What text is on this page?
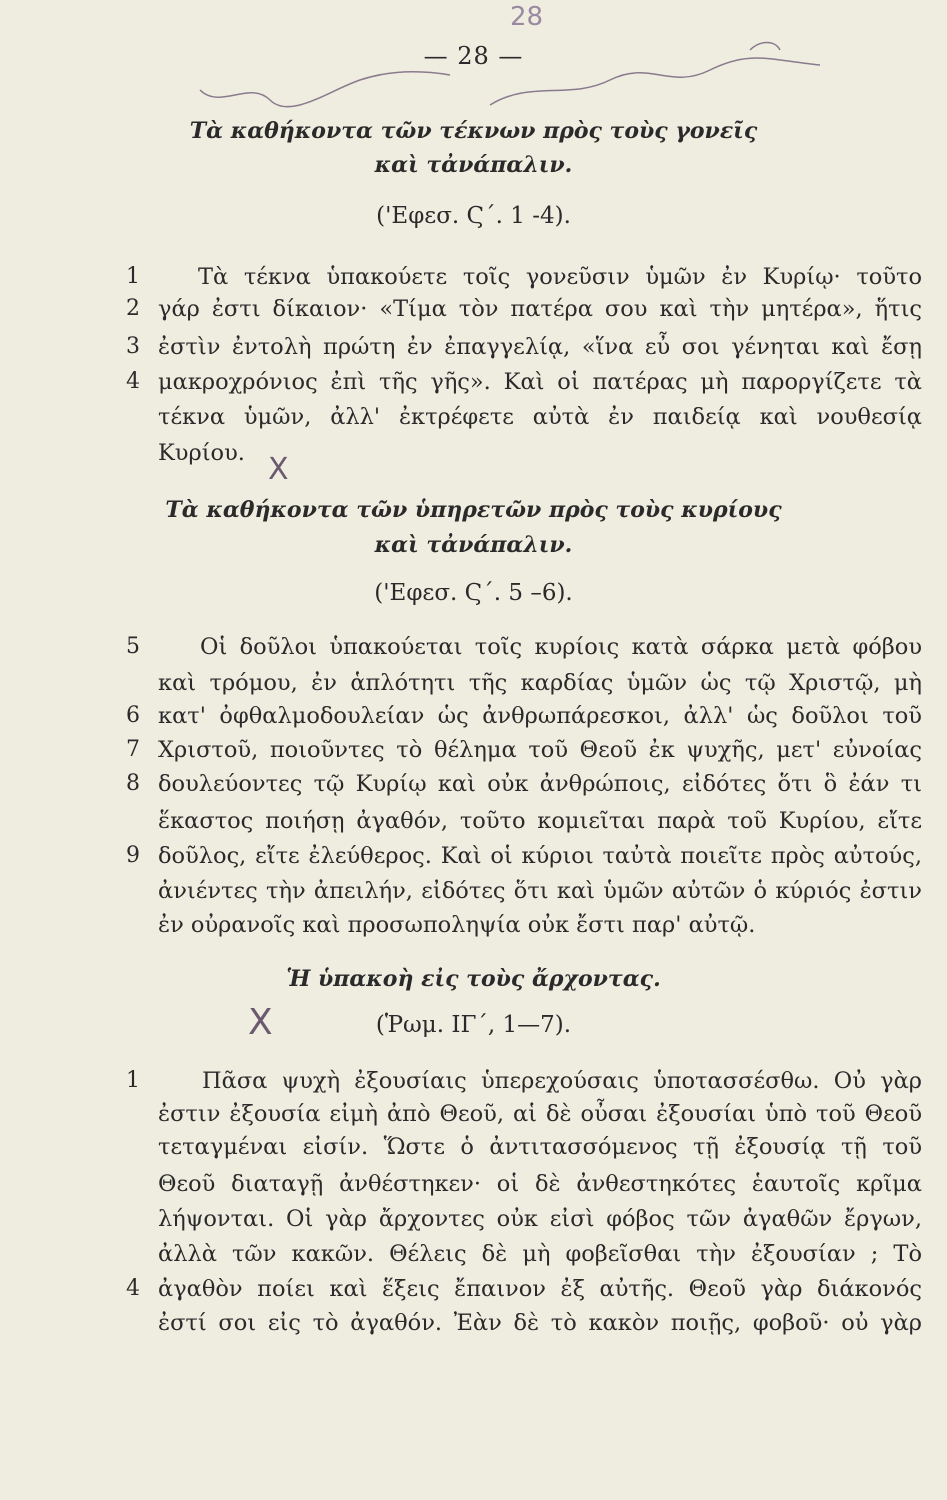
28
— 28 —
Τὰ καθήκοντα τῶν τέκνων πρὸς τοὺς γονεῖς
καὶ τἀνάπαλιν.
('Εφεσ. Ϛ΄. 1 -4).
1	Τὰ τέκνα ὑπακούετε τοῖς γονεῦσιν ὑμῶν ἐν Κυρίῳ· τοῦτο
2 γάρ ἐστι δίκαιον· «Τίμα τὸν πατέρα σου καὶ τὴν μητέρα», ἥτις
3 ἐστὶν ἐντολὴ πρώτη ἐν ἐπαγγελίᾳ, «ἵνα εὖ σοι γένηται καὶ ἔσῃ
4 μακροχρόνιος ἐπὶ τῆς γῆς». Καὶ οἱ πατέρας μὴ παροργίζετε τὰ
τέκνα ὑμῶν, ἀλλ' ἐκτρέφετε αὐτὰ ἐν παιδείᾳ καὶ νουθεσίᾳ
Κυρίου. X
Τὰ καθήκοντα τῶν ὑπηρετῶν πρὸς τοὺς κυρίους
καὶ τἀνάπαλιν.
('Εφεσ. Ϛ΄. 5 –6).
5	Οἱ δοῦλοι ὑπακούεται τοῖς κυρίοις κατὰ σάρκα μετὰ φόβου
καὶ τρόμου, ἐν ἁπλότητι τῆς καρδίας ὑμῶν ὡς τῷ Χριστῷ, μὴ
6 κατ' ὀφθαλμοδουλείαν ὡς ἀνθρωπάρεσκοι, ἀλλ' ὡς δοῦλοι τοῦ
7 Χριστοῦ, ποιοῦντες τὸ θέλημα τοῦ Θεοῦ ἐκ ψυχῆς, μετ' εὐνοίας
8 δουλεύοντες τῷ Κυρίῳ καὶ οὐκ ἀνθρώποις, εἰδότες ὅτι ὃ ἐάν τι
ἕκαστος ποιήσῃ ἀγαθόν, τοῦτο κομιεῖται παρὰ τοῦ Κυρίου, εἴτε
9 δοῦλος, εἴτε ἐλεύθερος. Καὶ οἱ κύριοι ταὐτὰ ποιεῖτε πρὸς αὐτούς,
ἀνιέντες τὴν ἀπειλήν, εἰδότες ὅτι καὶ ὑμῶν αὐτῶν ὁ κύριός ἐστιν
ἐν οὐρανοῖς καὶ προσωποληψία οὐκ ἔστι παρ' αὐτῷ.
Ἡ ὑπακοὴ εἰς τοὺς ἄρχοντας.
X	(Ῥωμ. ΙΓ΄, 1—7).
1	Πᾶσα ψυχὴ ἐξουσίαις ὑπερεχούσαις ὑποτασσέσθω. Οὐ γὰρ
ἐστιν ἐξουσία εἰμὴ ἀπὸ Θεοῦ, αἱ δὲ οὖσαι ἐξουσίαι ὑπὸ τοῦ Θεοῦ
τεταγμέναι εἰσίν. Ὥστε ὁ ἀντιτασσόμενος τῇ ἐξουσίᾳ τῇ τοῦ
Θεοῦ διαταγῇ ἀνθέστηκεν· οἱ δὲ ἀνθεστηκότες ἑαυτοῖς κρῖμα
λήψονται. Οἱ γὰρ ἄρχοντες οὐκ εἰσὶ φόβος τῶν ἀγαθῶν ἔργων,
ἀλλὰ τῶν κακῶν. Θέλεις δὲ μὴ φοβεῖσθαι τὴν ἐξουσίαν ; Τὸ
4 ἀγαθὸν ποίει καὶ ἕξεις ἔπαινον ἐξ αὐτῆς. Θεοῦ γὰρ διάκονός
ἐστί σοι εἰς τὸ ἀγαθόν. Ἐὰν δὲ τὸ κακὸν ποιῇς, φοβοῦ· οὐ γὰρ
